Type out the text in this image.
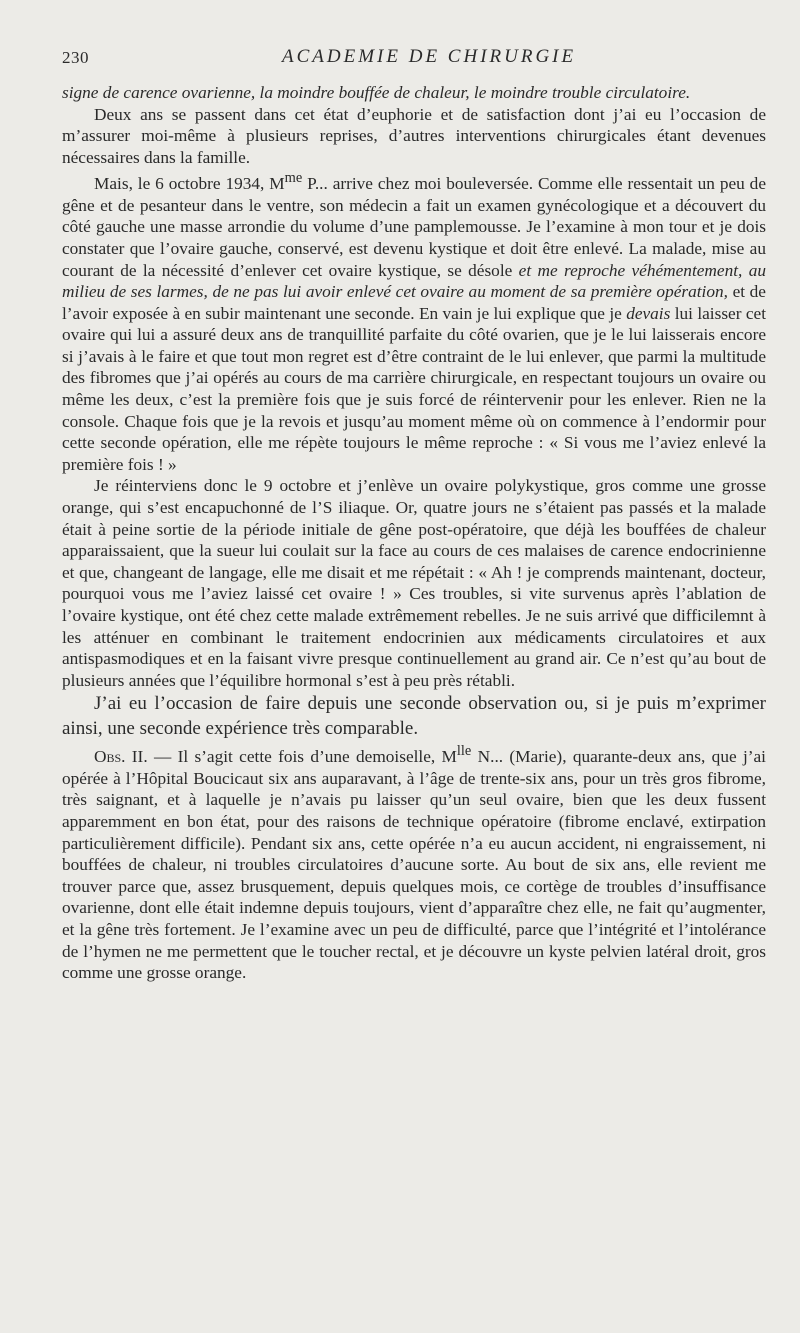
230	ACADEMIE DE CHIRURGIE

signe de carence ovarienne, la moindre bouffée de chaleur, le moindre trouble circulatoire.

Deux ans se passent dans cet état d’euphorie et de satisfaction dont j’ai eu l’occasion de m’assurer moi-même à plusieurs reprises, d’autres interventions chirurgicales étant devenues nécessaires dans la famille.

Mais, le 6 octobre 1934, $M^{me}$ P... arrive chez moi bouleversée. Comme elle ressentait un peu de gêne et de pesanteur dans le ventre, son médecin a fait un examen gynécologique et a découvert du côté gauche une masse arrondie du volume d’une pamplemousse. Je l’examine à mon tour et je dois constater que l’ovaire gauche, conservé, est devenu kystique et doit être enlevé. La malade, mise au courant de la nécessité d’enlever cet ovaire kystique, se désole et me reproche véhémentement, au milieu de ses larmes, de ne pas lui avoir enlevé cet ovaire au moment de sa première opération, et de l’avoir exposée à en subir maintenant une seconde. En vain je lui explique que je devais lui laisser cet ovaire qui lui a assuré deux ans de tranquillité parfaite du côté ovarien, que je le lui laisserais encore si j’avais à le faire et que tout mon regret est d’être contraint de le lui enlever, que parmi la multitude des fibromes que j’ai opérés au cours de ma carrière chirurgicale, en respectant toujours un ovaire ou même les deux, c’est la première fois que je suis forcé de réintervenir pour les enlever. Rien ne la console. Chaque fois que je la revois et jusqu’au moment même où on commence à l’endormir pour cette seconde opération, elle me répète toujours le même reproche : « Si vous me l’aviez enlevé la première fois ! »

Je réinterviens donc le 9 octobre et j’enlève un ovaire polykystique, gros comme une grosse orange, qui s’est encapuchonné de l’S iliaque. Or, quatre jours ne s’étaient pas passés et la malade était à peine sortie de la période initiale de gêne post-opératoire, que déjà les bouffées de chaleur apparaissaient, que la sueur lui coulait sur la face au cours de ces malaises de carence endocrinienne et que, changeant de langage, elle me disait et me répétait : « Ah ! je comprends maintenant, docteur, pourquoi vous me l’aviez laissé cet ovaire ! » Ces troubles, si vite survenus après l’ablation de l’ovaire kystique, ont été chez cette malade extrêmement rebelles. Je ne suis arrivé que difficilemnt à les atténuer en combinant le traitement endocrinien aux médicaments circulatoires et aux antispasmodiques et en la faisant vivre presque continuellement au grand air. Ce n’est qu’au bout de plusieurs années que l’équilibre hormonal s’est à peu près rétabli.

J’ai eu l’occasion de faire depuis une seconde observation ou, si je puis m’exprimer ainsi, une seconde expérience très comparable.

Obs. II. — Il s’agit cette fois d’une demoiselle, $M^{lle}$ N... (Marie), quarante-deux ans, que j’ai opérée à l’Hôpital Boucicaut six ans auparavant, à l’âge de trente-six ans, pour un très gros fibrome, très saignant, et à laquelle je n’avais pu laisser qu’un seul ovaire, bien que les deux fussent apparemment en bon état, pour des raisons de technique opératoire (fibrome enclavé, extirpation particulièrement difficile). Pendant six ans, cette opérée n’a eu aucun accident, ni engraissement, ni bouffées de chaleur, ni troubles circulatoires d’aucune sorte. Au bout de six ans, elle revient me trouver parce que, assez brusquement, depuis quelques mois, ce cortège de troubles d’insuffisance ovarienne, dont elle était indemne depuis toujours, vient d’apparaître chez elle, ne fait qu’augmenter, et la gêne très fortement. Je l’examine avec un peu de difficulté, parce que l’intégrité et l’intolérance de l’hymen ne me permettent que le toucher rectal, et je découvre un kyste pelvien latéral droit, gros comme une grosse orange.
